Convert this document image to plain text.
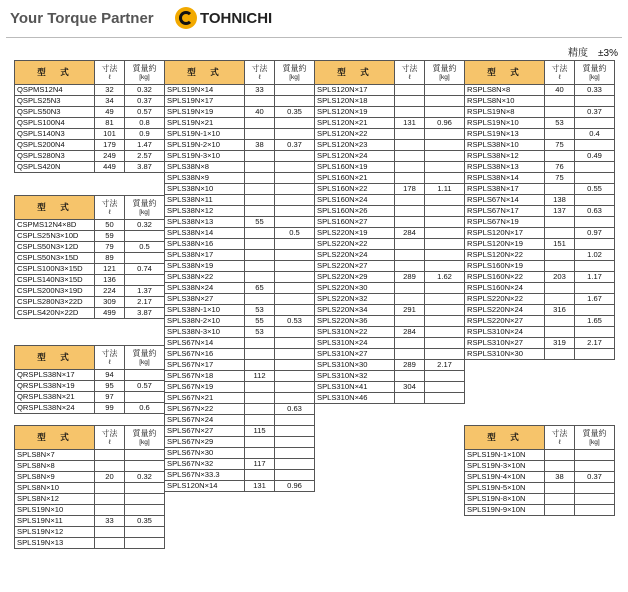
Your Torque Partner	TOHNICHI
精度　±3%
型　式	寸法
ℓ	質量約
[kg]

QSPMS12N4	32	0.32
QSPLS25N3	34	0.37
QSPLS50N3	49	0.57
QSPLS100N4	81	0.8
QSPLS140N3	101	0.9
QSPLS200N4	179	1.47
QSPLS280N3	249	2.57
QSPLS420N	449	3.87
型　式	寸法
ℓ	質量約
[kg]

CSPMS12N4×8D	50	0.32
CSPLS25N3×10D	59	
CSPLS50N3×12D	79	0.5
CSPLS50N3×15D	89	
CSPLS100N3×15D	121	0.74
CSPLS140N3×15D	136	
CSPLS200N3×19D	224	1.37
CSPLS280N3×22D	309	2.17
CSPLS420N×22D	499	3.87
型　式	寸法
ℓ	質量約
[kg]

QRSPLS38N×17	94	
QRSPLS38N×19	95	0.57
QRSPLS38N×21	97	
QRSPLS38N×24	99	0.6
型　式	寸法
ℓ	質量約
[kg]

SPLS8N×7		
SPLS8N×8		
SPLS8N×9	20	0.32
SPLS8N×10		
SPLS8N×12		
SPLS19N×10		
SPLS19N×11	33	0.35
SPLS19N×12		
SPLS19N×13		
型　式	寸法
ℓ	質量約
[kg]

SPLS19N×14	33	
SPLS19N×17		
SPLS19N×19	40	0.35
SPLS19N×21		
SPLS19N-1×10		
SPLS19N-2×10	38	0.37
SPLS19N-3×10		
SPLS38N×8		
SPLS38N×9		
SPLS38N×10		
SPLS38N×11		
SPLS38N×12		
SPLS38N×13	55	
SPLS38N×14		0.5
SPLS38N×16		
SPLS38N×17		
SPLS38N×19		
SPLS38N×22		
SPLS38N×24	65	
SPLS38N×27		
SPLS38N-1×10	53	
SPLS38N-2×10	55	0.53
SPLS38N-3×10	53	
SPLS67N×14		
SPLS67N×16		
SPLS67N×17		
SPLS67N×18	112	
SPLS67N×19		
SPLS67N×21		
SPLS67N×22		0.63
SPLS67N×24		
SPLS67N×27	115	
SPLS67N×29		
SPLS67N×30		
SPLS67N×32	117	
SPLS67N×33.3		
SPLS120N×14	131	0.96
型　式	寸法
ℓ	質量約
[kg]

SPLS120N×17		
SPLS120N×18		
SPLS120N×19		
SPLS120N×21	131	0.96
SPLS120N×22		
SPLS120N×23		
SPLS120N×24		
SPLS160N×19		
SPLS160N×21		
SPLS160N×22	178	1.11
SPLS160N×24		
SPLS160N×26		
SPLS160N×27		
SPLS220N×19	284	
SPLS220N×22		
SPLS220N×24		
SPLS220N×27		
SPLS220N×29	289	1.62
SPLS220N×30		
SPLS220N×32		
SPLS220N×34	291	
SPLS220N×36		
SPLS310N×22	284	
SPLS310N×24		
SPLS310N×27		
SPLS310N×30	289	2.17
SPLS310N×32		
SPLS310N×41	304	
SPLS310N×46		
型　式	寸法
ℓ	質量約
[kg]

RSPLS8N×8	40	0.33
RSPLS8N×10		
RSPLS19N×8		0.37
RSPLS19N×10	53	
RSPLS19N×13		0.4
RSPLS38N×10	75	
RSPLS38N×12		0.49
RSPLS38N×13	76	
RSPLS38N×14	75	
RSPLS38N×17		0.55
RSPLS67N×14	138	
RSPLS67N×17	137	0.63
RSPLS67N×19		
RSPLS120N×17		0.97
RSPLS120N×19	151	
RSPLS120N×22		1.02
RSPLS160N×19		
RSPLS160N×22	203	1.17
RSPLS160N×24		
RSPLS220N×22		1.67
RSPLS220N×24	316	
RSPLS220N×27		1.65
RSPLS310N×24		
RSPLS310N×27	319	2.17
RSPLS310N×30		
型　式	寸法
ℓ	質量約
[kg]

SPLS19N-1×10N		
SPLS19N-3×10N		
SPLS19N-4×10N	38	0.37
SPLS19N-5×10N		
SPLS19N-8×10N		
SPLS19N-9×10N		
